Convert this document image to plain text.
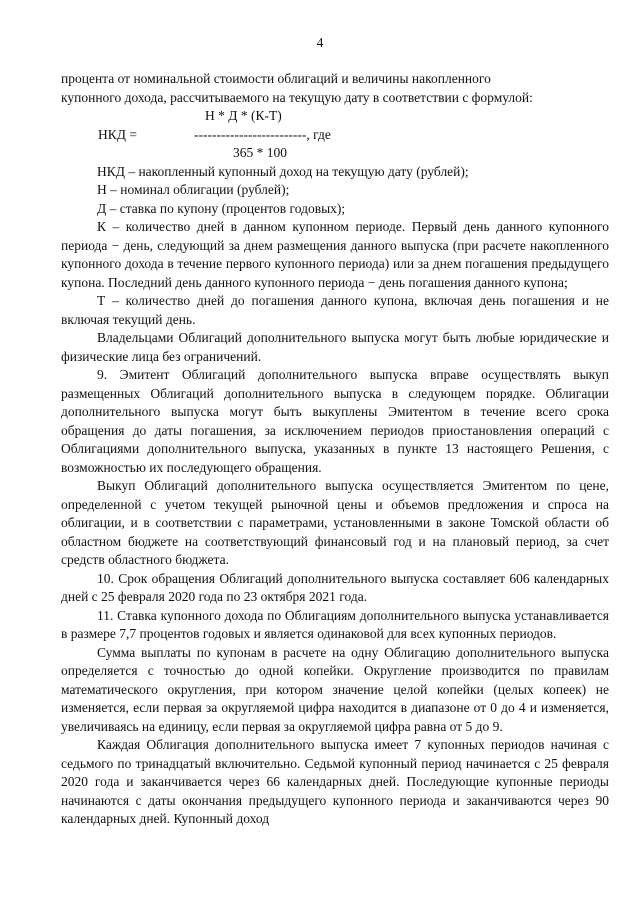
4

процента от номинальной стоимости облигаций и величины накопленного

купонного дохода, рассчитываемого на текущую дату в соответствии с формулой:

Н * Д * (К-Т)
НКД =	-------------------------, где
365 * 100

НКД – накопленный купонный доход на текущую дату (рублей);

Н – номинал облигации (рублей);

Д – ставка по купону (процентов годовых);

К – количество дней в данном купонном периоде. Первый день данного купонного периода − день, следующий за днем размещения данного выпуска (при расчете накопленного купонного дохода в течение первого купонного периода) или за днем погашения предыдущего купона. Последний день данного купонного периода − день погашения данного купона;

Т – количество дней до погашения данного купона, включая день погашения и не включая текущий день.

Владельцами Облигаций дополнительного выпуска могут быть любые юридические и физические лица без ограничений.

9. Эмитент Облигаций дополнительного выпуска вправе осуществлять выкуп размещенных Облигаций дополнительного выпуска в следующем порядке. Облигации дополнительного выпуска могут быть выкуплены Эмитентом в течение всего срока обращения до даты погашения, за исключением периодов приостановления операций с Облигациями дополнительного выпуска, указанных в пункте 13 настоящего Решения, с возможностью их последующего обращения.

Выкуп Облигаций дополнительного выпуска осуществляется Эмитентом по цене, определенной с учетом текущей рыночной цены и объемов предложения и спроса на облигации, и в соответствии с параметрами, установленными в законе Томской области об областном бюджете на соответствующий финансовый год и на плановый период, за счет средств областного бюджета.

10. Срок обращения Облигаций дополнительного выпуска составляет 606 календарных дней с 25 февраля 2020 года по 23 октября 2021 года.

11. Ставка купонного дохода по Облигациям дополнительного выпуска устанавливается в размере 7,7 процентов годовых и является одинаковой для всех купонных периодов.

Сумма выплаты по купонам в расчете на одну Облигацию дополнительного выпуска определяется с точностью до одной копейки. Округление производится по правилам математического округления, при котором значение целой копейки (целых копеек) не изменяется, если первая за округляемой цифра находится в диапазоне от 0 до 4 и изменяется, увеличиваясь на единицу, если первая за округляемой цифра равна от 5 до 9.

Каждая Облигация дополнительного выпуска имеет 7 купонных периодов начиная с седьмого по тринадцатый включительно. Седьмой купонный период начинается с 25 февраля 2020 года и заканчивается через 66 календарных дней. Последующие купонные периоды начинаются с даты окончания предыдущего купонного периода и заканчиваются через 90 календарных дней. Купонный доход
